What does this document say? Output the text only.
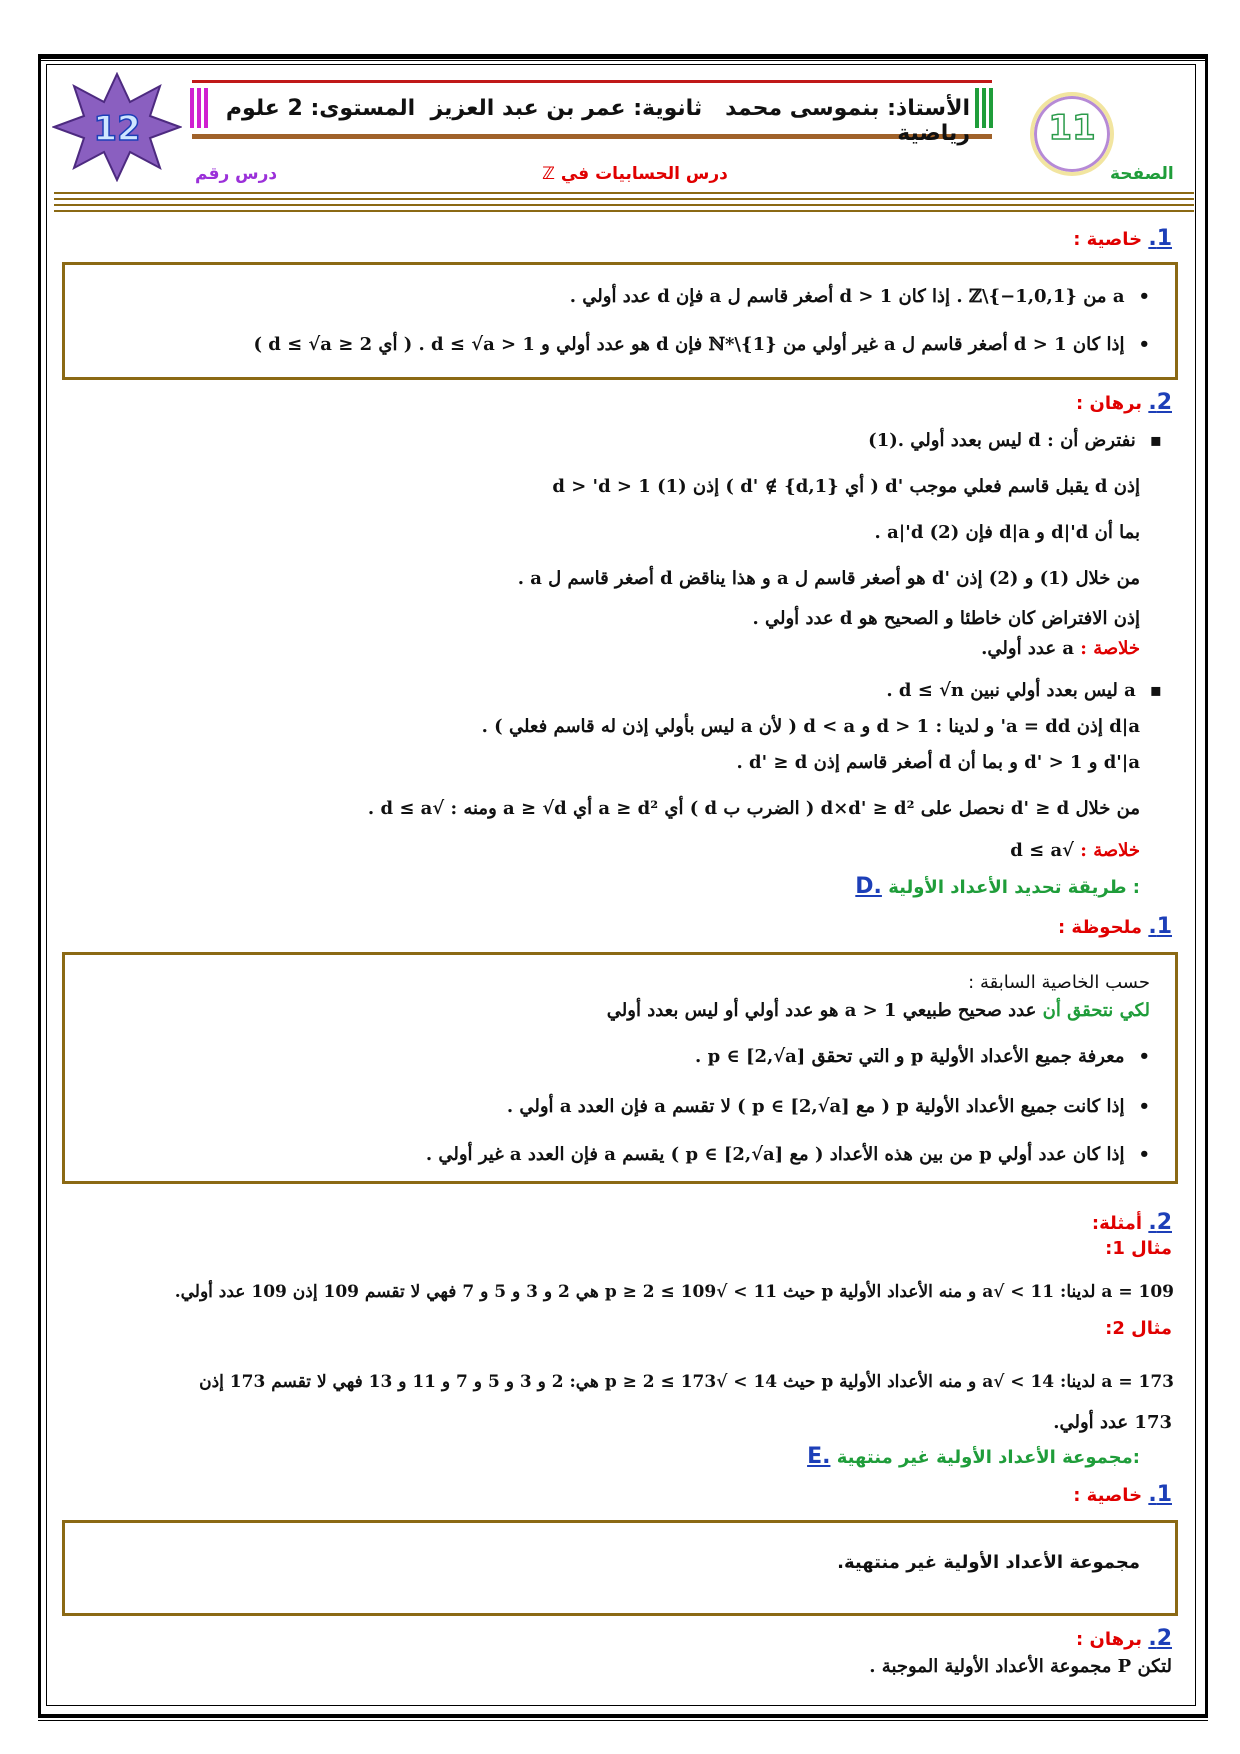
12
الأستاذ: بنموسى محمد   ثانوية: عمر بن عبد العزيز  المستوى: 2 علوم رياضية	11
الصفحة
درس الحسابيات في ℤ
درس رقم
1. خاصية :
•a من ℤ\{−1,0,1} . إذا كان d > 1 أصغر قاسم ل a فإن d عدد أولي .
•إذا كان d > 1 أصغر قاسم ل a غير أولي من ℕ*\{1} فإن d هو عدد أولي و 1 < d ≤ √a . ( أي 2 ≤ d ≤ √a )
2. برهان :
▪نفترض أن : d ليس بعدد أولي .(1)
إذن d يقبل قاسم فعلي موجب 'd ( أي {1,d} ∌ 'd ) إذن d > 'd > 1 (1)
بما أن d|'d و d|a فإن a|'d (2) .
من خلال (1) و (2) إذن 'd هو أصغر قاسم ل a و هذا يناقض d أصغر قاسم ل a .
إذن الافتراض كان خاطئا و الصحيح هو d عدد أولي .
خلاصة : a عدد أولي.
▪a ليس بعدد أولي نبين d ≤ √n .
d|a إذن a = dd' و لدينا : d > 1 و d < a ( لأن a ليس بأولي إذن له قاسم فعلي ) .
d'|a و d' > 1 و بما أن d أصغر قاسم إذن d' ≥ d .
من خلال d' ≥ d نحصل على d×d' ≥ d² ( الضرب ب d ) أي a ≥ d² أي a ≥ √d ومنه : √d ≤ a .
خلاصة : √d ≤ a
D. طريقة تحديد الأعداد الأولية :
1. ملحوظة :
حسب الخاصية السابقة :
لكي نتحقق أن عدد صحيح طبيعي a > 1 هو عدد أولي أو ليس بعدد أولي
•معرفة جميع الأعداد الأولية p و التي تحقق p ∈ [2,√a] .
•إذا كانت جميع الأعداد الأولية p ( مع p ∈ [2,√a] ) لا تقسم a فإن العدد a أولي .
•إذا كان عدد أولي p من بين هذه الأعداد ( مع p ∈ [2,√a] ) يقسم a فإن العدد a غير أولي .
2. أمثلة:
مثال 1:
a = 109 لدينا: 11 > √a و منه الأعداد الأولية p حيث 11 > √109 ≥ p ≥ 2 هي 2 و 3 و 5 و 7 فهي لا تقسم 109 إذن 109 عدد أولي.
مثال 2:
a = 173 لدينا: 14 > √a و منه الأعداد الأولية p حيث 14 > √173 ≥ p ≥ 2 هي: 2 و 3 و 5 و 7 و 11 و 13 فهي لا تقسم 173 إذن
173 عدد أولي.
E. مجموعة الأعداد الأولية غير منتهية:
1. خاصية :
مجموعة الأعداد الأولية غير منتهية.
2. برهان :
لتكن P مجموعة الأعداد الأولية الموجبة .
